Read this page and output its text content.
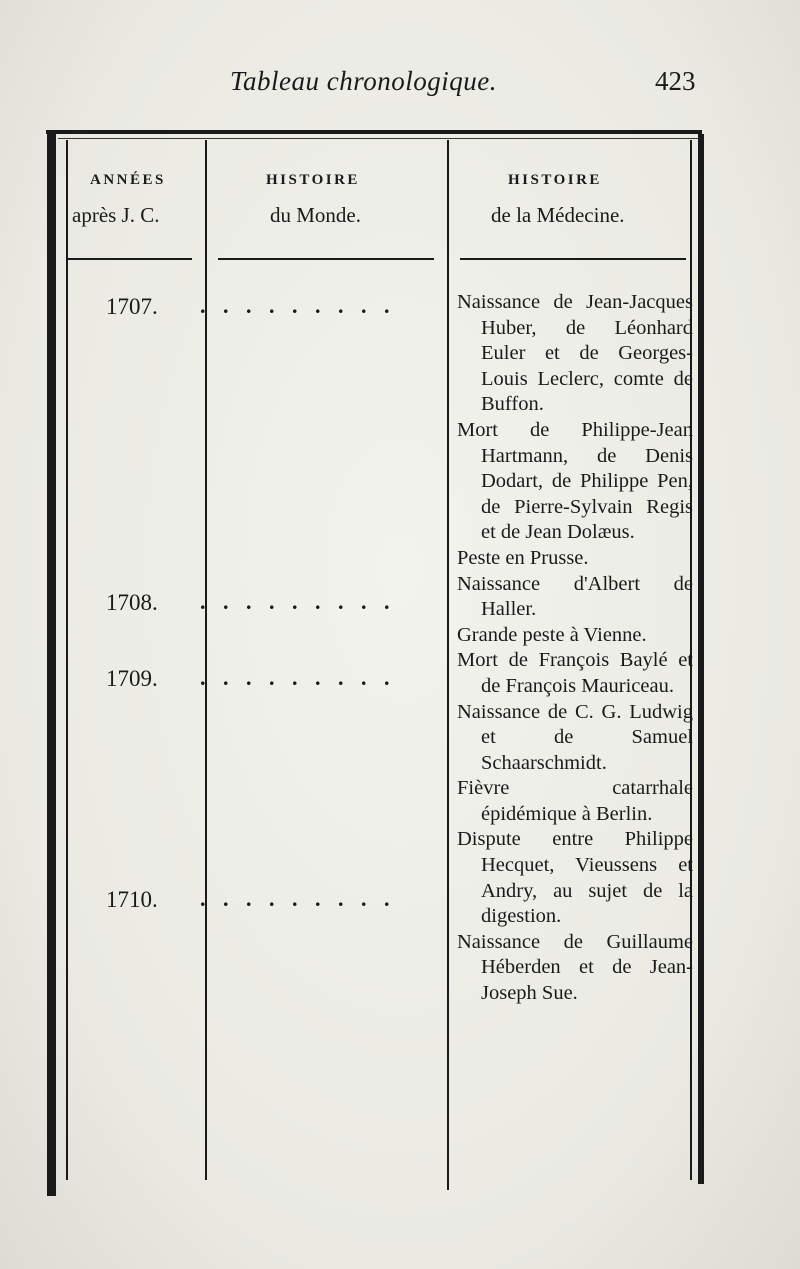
Tableau chronologique.	423
ANNÉES
après J. C.
HISTOIRE
du Monde.
HISTOIRE
de la Médecine.
1707. . . . . . . . . .
1708. . . . . . . . . .
1709. . . . . . . . . .
1710. . . . . . . . . .

Naissance de Jean-Jacques Huber, de Léonhard Euler et de Georges-Louis Leclerc, comte de Buffon.

Mort de Philippe-Jean Hartmann, de Denis Dodart, de Philippe Pen, de Pierre-Sylvain Regis et de Jean Dolæus.

Peste en Prusse.

Naissance d'Albert de Haller.

Grande peste à Vienne.

Mort de François Baylé et de François Mauriceau.

Naissance de C. G. Ludwig et de Samuel Schaarschmidt.

Fièvre catarrhale épidémique à Berlin.

Dispute entre Philippe Hecquet, Vieussens et Andry, au sujet de la digestion.

Naissance de Guillaume Héberden et de Jean-Joseph Sue.
